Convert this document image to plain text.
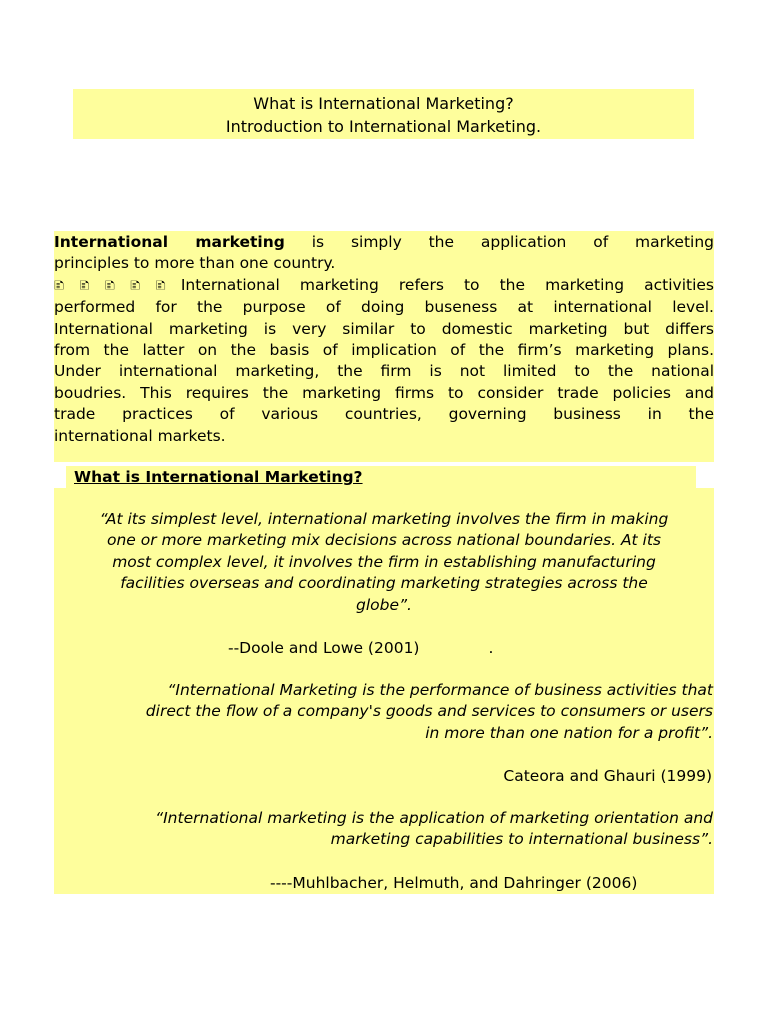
What is International Marketing?
Introduction to International Marketing.
International marketing is simply the application of marketing
principles to more than one country.
🗈🗈🗈🗈🗈International marketing refers to the marketing activities
performed for the purpose of doing buseness at international level.
International marketing is very similar to domestic marketing but differs
from the latter on the basis of implication of the firm’s marketing plans.
Under international marketing, the firm is not limited to the national
boudries. This requires the marketing firms to consider trade policies and
trade practices of various countries, governing business in the
international markets.
What is International Marketing?
“At its simplest level, international marketing involves the firm in making
one or more marketing mix decisions across national boundaries. At its
most complex level, it involves the firm in establishing manufacturing
facilities overseas and coordinating marketing strategies across the
globe”.
--Doole and Lowe (2001)              .
“International Marketing is the performance of business activities that
direct the flow of a company's goods and services to consumers or users
in more than one nation for a profit”.
Cateora and Ghauri (1999)
“International marketing is the application of marketing orientation and
marketing capabilities to international business”.
----Muhlbacher, Helmuth, and Dahringer (2006)
